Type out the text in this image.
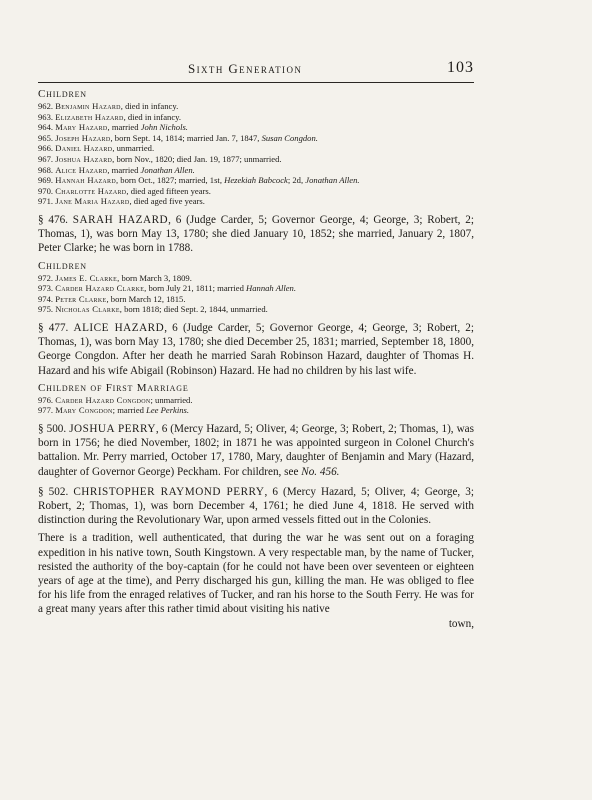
Sixth Generation	103

Children

962. Benjamin Hazard, died in infancy.
963. Elizabeth Hazard, died in infancy.
964. Mary Hazard, married John Nichols.
965. Joseph Hazard, born Sept. 14, 1814; married Jan. 7, 1847, Susan Congdon.
966. Daniel Hazard, unmarried.
967. Joshua Hazard, born Nov., 1820; died Jan. 19, 1877; unmarried.
968. Alice Hazard, married Jonathan Allen.
969. Hannah Hazard, born Oct., 1827; married, 1st, Hezekiah Babcock; 2d, Jonathan Allen.
970. Charlotte Hazard, died aged fifteen years.
971. Jane Maria Hazard, died aged five years.

§ 476. SARAH HAZARD, 6 (Judge Carder, 5; Governor George, 4; George, 3; Robert, 2; Thomas, 1), was born May 13, 1780; she died January 10, 1852; she married, January 2, 1807, Peter Clarke; he was born in 1788.

Children

972. James E. Clarke, born March 3, 1809.
973. Carder Hazard Clarke, born July 21, 1811; married Hannah Allen.
974. Peter Clarke, born March 12, 1815.
975. Nicholas Clarke, born 1818; died Sept. 2, 1844, unmarried.

§ 477. ALICE HAZARD, 6 (Judge Carder, 5; Governor George, 4; George, 3; Robert, 2; Thomas, 1), was born May 13, 1780; she died December 25, 1831; married, September 18, 1800, George Congdon. After her death he married Sarah Robinson Hazard, daughter of Thomas H. Hazard and his wife Abigail (Robinson) Hazard. He had no children by his last wife.

Children of First Marriage

976. Carder Hazard Congdon; unmarried.
977. Mary Congdon; married Lee Perkins.

§ 500. JOSHUA PERRY, 6 (Mercy Hazard, 5; Oliver, 4; George, 3; Robert, 2; Thomas, 1), was born in 1756; he died November, 1802; in 1871 he was appointed surgeon in Colonel Church's battalion. Mr. Perry married, October 17, 1780, Mary, daughter of Benjamin and Mary (Hazard, daughter of Governor George) Peckham. For children, see No. 456.

§ 502. CHRISTOPHER RAYMOND PERRY, 6 (Mercy Hazard, 5; Oliver, 4; George, 3; Robert, 2; Thomas, 1), was born December 4, 1761; he died June 4, 1818. He served with distinction during the Revolutionary War, upon armed vessels fitted out in the Colonies.

There is a tradition, well authenticated, that during the war he was sent out on a foraging expedition in his native town, South Kingstown. A very respectable man, by the name of Tucker, resisted the authority of the boy-captain (for he could not have been over seventeen or eighteen years of age at the time), and Perry discharged his gun, killing the man. He was obliged to flee for his life from the enraged relatives of Tucker, and ran his horse to the South Ferry. He was for a great many years after this rather timid about visiting his native

town,
